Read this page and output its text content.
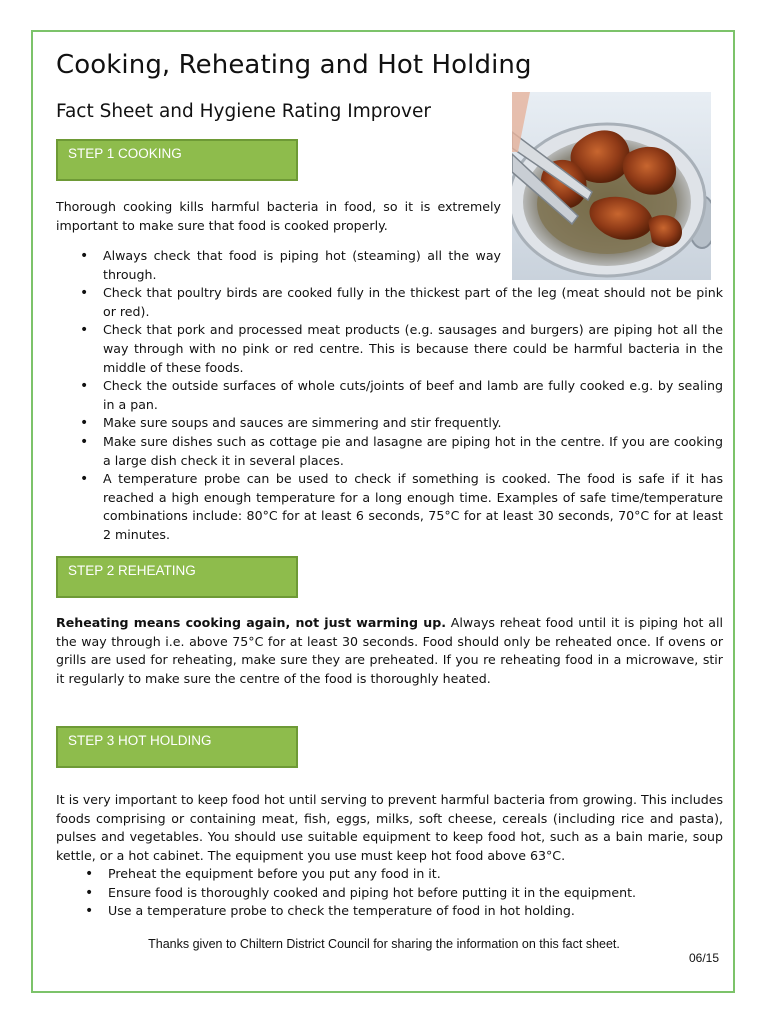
Cooking, Reheating and Hot Holding
Fact Sheet and Hygiene Rating Improver
STEP 1 COOKING

Thorough cooking kills harmful bacteria in food, so it is extremely important to make sure that food is cooked properly.

• Always check that food is piping hot (steaming) all the way through.
• Check that poultry birds are cooked fully in the thickest part of the leg (meat should not be pink or red).
• Check that pork and processed meat products (e.g. sausages and burgers) are piping hot all the way through with no pink or red centre. This is because there could be harmful bacteria in the middle of these foods.
• Check the outside surfaces of whole cuts/joints of beef and lamb are fully cooked e.g. by sealing in a pan.
• Make sure soups and sauces are simmering and stir frequently.
• Make sure dishes such as cottage pie and lasagne are piping hot in the centre. If you are cooking a large dish check it in several places.
• A temperature probe can be used to check if something is cooked. The food is safe if it has reached a high enough temperature for a long enough time. Examples of safe time/temperature combinations include: 80°C for at least 6 seconds, 75°C for at least 30 seconds, 70°C for at least 2 minutes.
STEP 2 REHEATING

Reheating means cooking again, not just warming up. Always reheat food until it is piping hot all the way through i.e. above 75°C for at least 30 seconds. Food should only be reheated once. If ovens or grills are used for reheating, make sure they are preheated. If you re reheating food in a microwave, stir it regularly to make sure the centre of the food is thoroughly heated.

STEP 3 HOT HOLDING

It is very important to keep food hot until serving to prevent harmful bacteria from growing. This includes foods comprising or containing meat, fish, eggs, milks, soft cheese, cereals (including rice and pasta), pulses and vegetables. You should use suitable equipment to keep food hot, such as a bain marie, soup kettle, or a hot cabinet. The equipment you use must keep hot food above 63°C.

• Preheat the equipment before you put any food in it.
• Ensure food is thoroughly cooked and piping hot before putting it in the equipment.
• Use a temperature probe to check the temperature of food in hot holding.

Thanks given to Chiltern District Council for sharing the information on this fact sheet.

06/15
